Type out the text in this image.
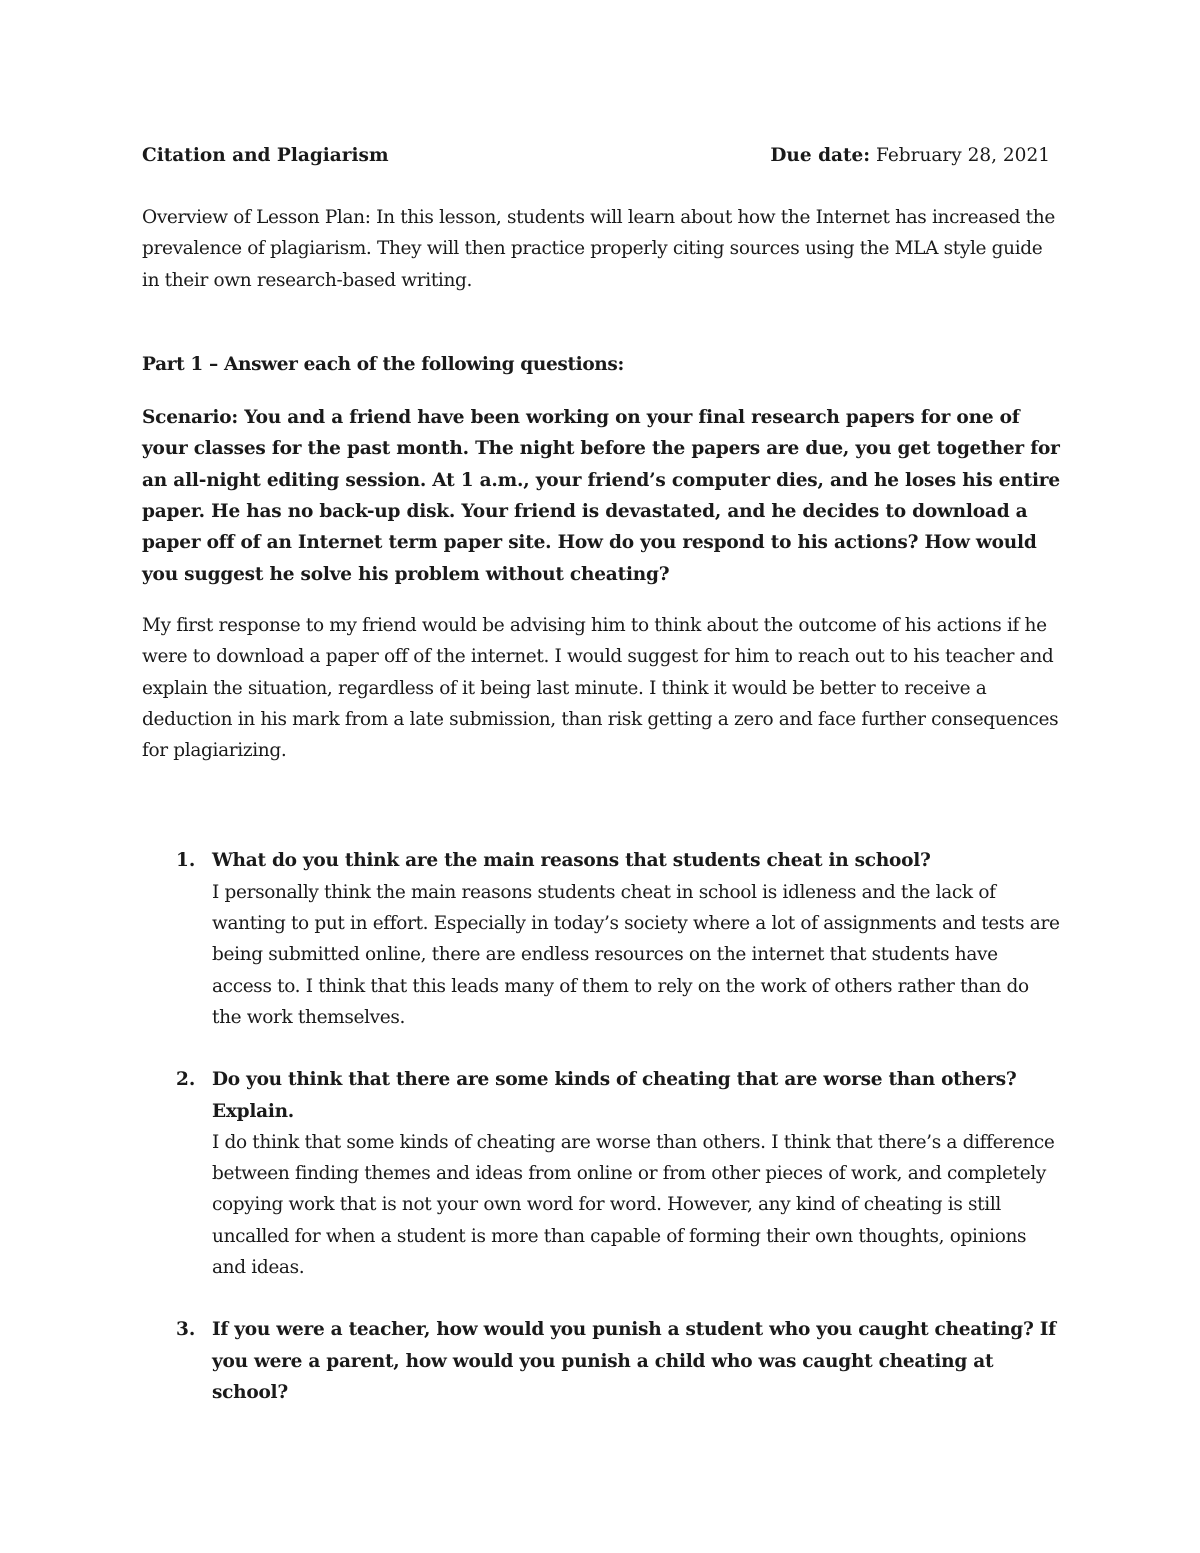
Citation and Plagiarism	Due date: February 28, 2021

Overview of Lesson Plan: In this lesson, students will learn about how the Internet has increased the prevalence of plagiarism. They will then practice properly citing sources using the MLA style guide in their own research-based writing.

Part 1 – Answer each of the following questions:

Scenario: You and a friend have been working on your final research papers for one of your classes for the past month. The night before the papers are due, you get together for an all-night editing session. At 1 a.m., your friend’s computer dies, and he loses his entire paper. He has no back-up disk. Your friend is devastated, and he decides to download a paper off of an Internet term paper site. How do you respond to his actions? How would you suggest he solve his problem without cheating?

My first response to my friend would be advising him to think about the outcome of his actions if he were to download a paper off of the internet. I would suggest for him to reach out to his teacher and explain the situation, regardless of it being last minute. I think it would be better to receive a deduction in his mark from a late submission, than risk getting a zero and face further consequences for plagiarizing.

1. What do you think are the main reasons that students cheat in school?

I personally think the main reasons students cheat in school is idleness and the lack of wanting to put in effort. Especially in today’s society where a lot of assignments and tests are being submitted online, there are endless resources on the internet that students have access to. I think that this leads many of them to rely on the work of others rather than do the work themselves.

2. Do you think that there are some kinds of cheating that are worse than others? Explain.

I do think that some kinds of cheating are worse than others. I think that there’s a difference between finding themes and ideas from online or from other pieces of work, and completely copying work that is not your own word for word. However, any kind of cheating is still uncalled for when a student is more than capable of forming their own thoughts, opinions and ideas.

3. If you were a teacher, how would you punish a student who you caught cheating? If you were a parent, how would you punish a child who was caught cheating at school?
